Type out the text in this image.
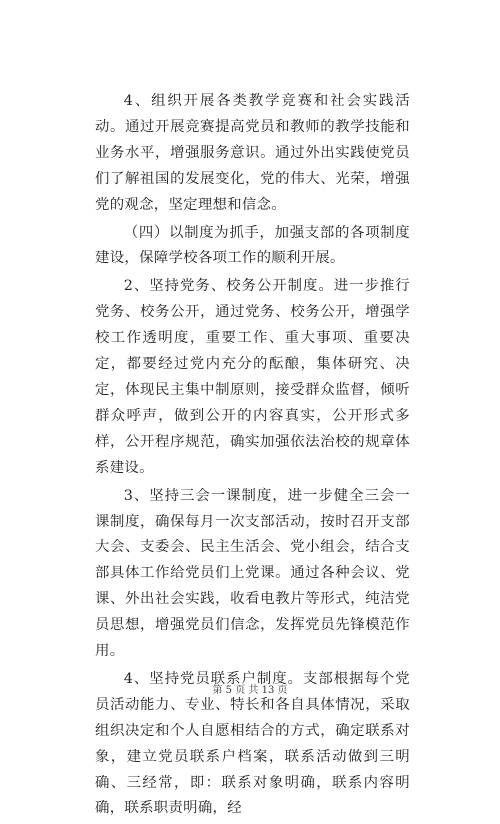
4、组织开展各类教学竞赛和社会实践活动。通过开展竞赛提高党员和教师的教学技能和业务水平，增强服务意识。通过外出实践使党员们了解祖国的发展变化，党的伟大、光荣，增强党的观念，坚定理想和信念。

（四）以制度为抓手，加强支部的各项制度建设，保障学校各项工作的顺利开展。

2、坚持党务、校务公开制度。进一步推行党务、校务公开，通过党务、校务公开，增强学校工作透明度，重要工作、重大事项、重要决定，都要经过党内充分的酝酿，集体研究、决定，体现民主集中制原则，接受群众监督，倾听群众呼声，做到公开的内容真实，公开形式多样，公开程序规范，确实加强依法治校的规章体系建设。

3、坚持三会一课制度，进一步健全三会一课制度，确保每月一次支部活动，按时召开支部大会、支委会、民主生活会、党小组会，结合支部具体工作给党员们上党课。通过各种会议、党课、外出社会实践，收看电教片等形式，纯洁党员思想，增强党员们信念，发挥党员先锋模范作用。

4、坚持党员联系户制度。支部根据每个党员活动能力、专业、特长和各自具体情况，采取组织决定和个人自愿相结合的方式，确定联系对象，建立党员联系户档案，联系活动做到三明确、三经常，即：联系对象明确，联系内容明确，联系职责明确，经

第 5 页 共 13 页
